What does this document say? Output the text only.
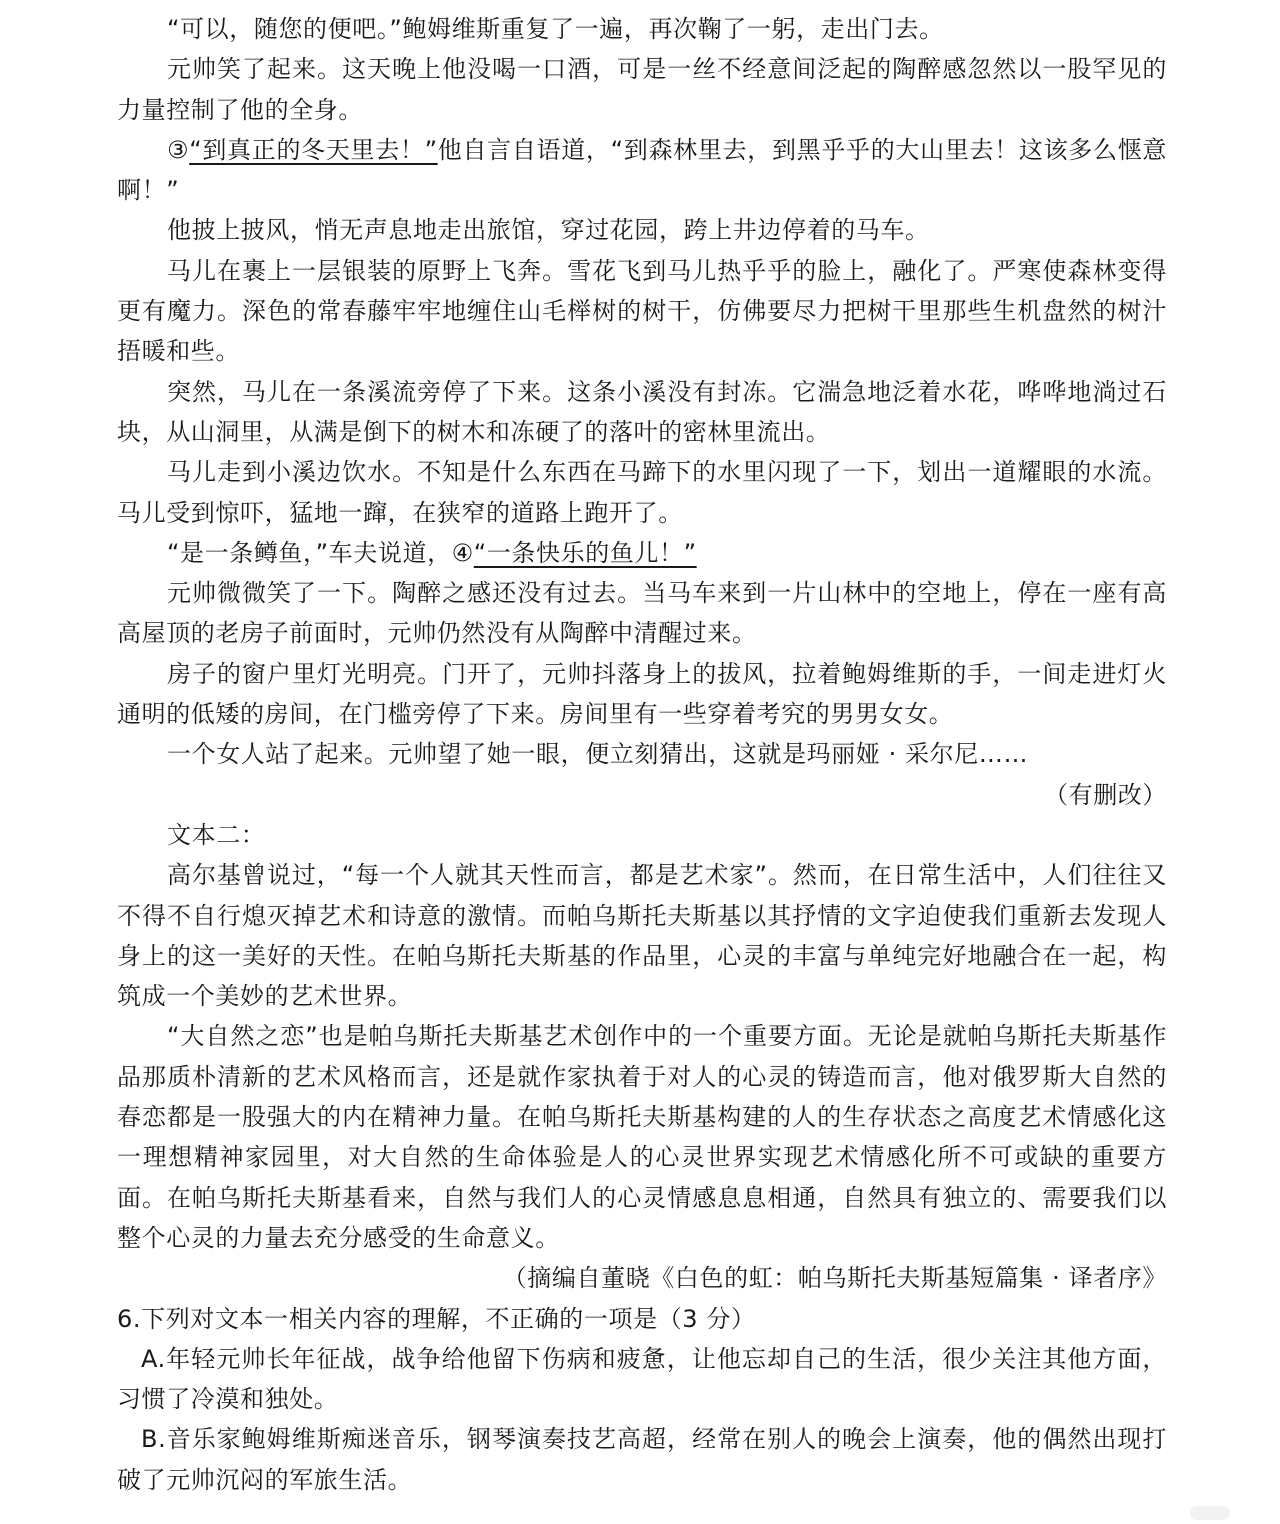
“可以，随您的便吧。”鲍姆维斯重复了一遍，再次鞠了一躬，走出门去。

元帅笑了起来。这天晚上他没喝一口酒，可是一丝不经意间泛起的陶醉感忽然以一股罕见的力量控制了他的全身。

③“到真正的冬天里去！”他自言自语道，“到森林里去，到黑乎乎的大山里去！这该多么惬意啊！”

他披上披风，悄无声息地走出旅馆，穿过花园，跨上井边停着的马车。

马儿在裹上一层银装的原野上飞奔。雪花飞到马儿热乎乎的脸上，融化了。严寒使森林变得更有魔力。深色的常春藤牢牢地缠住山毛榉树的树干，仿佛要尽力把树干里那些生机盘然的树汁捂暖和些。

突然，马儿在一条溪流旁停了下来。这条小溪没有封冻。它湍急地泛着水花，哗哗地淌过石块，从山洞里，从满是倒下的树木和冻硬了的落叶的密林里流出。

马儿走到小溪边饮水。不知是什么东西在马蹄下的水里闪现了一下，划出一道耀眼的水流。马儿受到惊吓，猛地一蹿，在狭窄的道路上跑开了。

“是一条鳟鱼，”车夫说道，④“一条快乐的鱼儿！”

元帅微微笑了一下。陶醉之感还没有过去。当马车来到一片山林中的空地上，停在一座有高高屋顶的老房子前面时，元帅仍然没有从陶醉中清醒过来。

房子的窗户里灯光明亮。门开了，元帅抖落身上的拔风，拉着鲍姆维斯的手，一间走进灯火通明的低矮的房间，在门槛旁停了下来。房间里有一些穿着考究的男男女女。

一个女人站了起来。元帅望了她一眼，便立刻猜出，这就是玛丽娅 · 采尔尼……

（有删改）

文本二：

高尔基曾说过，“每一个人就其天性而言，都是艺术家”。然而，在日常生活中，人们往往又不得不自行熄灭掉艺术和诗意的激情。而帕乌斯托夫斯基以其抒情的文字迫使我们重新去发现人身上的这一美好的天性。在帕乌斯托夫斯基的作品里，心灵的丰富与单纯完好地融合在一起，构筑成一个美妙的艺术世界。

“大自然之恋”也是帕乌斯托夫斯基艺术创作中的一个重要方面。无论是就帕乌斯托夫斯基作品那质朴清新的艺术风格而言，还是就作家执着于对人的心灵的铸造而言，他对俄罗斯大自然的春恋都是一股强大的内在精神力量。在帕乌斯托夫斯基构建的人的生存状态之高度艺术情感化这一理想精神家园里，对大自然的生命体验是人的心灵世界实现艺术情感化所不可或缺的重要方面。在帕乌斯托夫斯基看来，自然与我们人的心灵情感息息相通，自然具有独立的、需要我们以整个心灵的力量去充分感受的生命意义。

（摘编自董晓《白色的虹：帕乌斯托夫斯基短篇集 · 译者序》

6.下列对文本一相关内容的理解，不正确的一项是（3 分）

A.年轻元帅长年征战，战争给他留下伤病和疲惫，让他忘却自己的生活，很少关注其他方面，习惯了冷漠和独处。

B.音乐家鲍姆维斯痴迷音乐，钢琴演奏技艺高超，经常在别人的晚会上演奏，他的偶然出现打破了元帅沉闷的军旅生活。
